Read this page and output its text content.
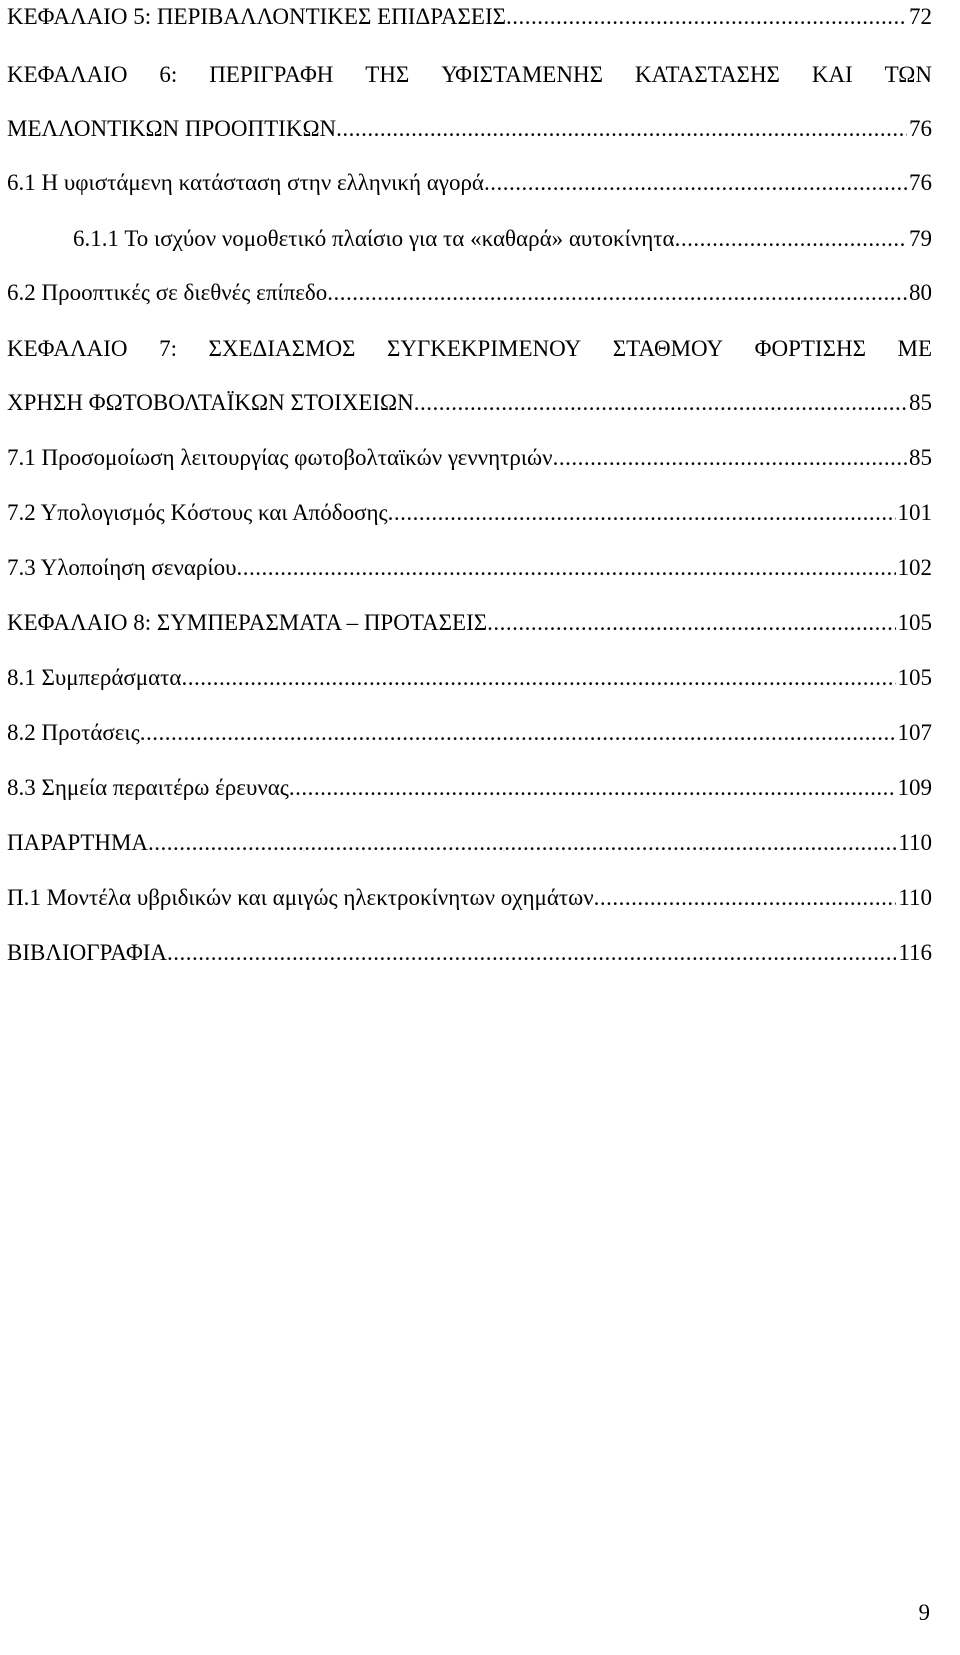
ΚΕΦΑΛΑΙΟ 5: ΠΕΡΙΒΑΛΛΟΝΤΙΚΕΣ ΕΠΙΔΡΑΣΕΙΣ .....	72
ΚΕΦΑΛΑΙΟ 6: ΠΕΡΙΓΡΑΦΗ ΤΗΣ ΥΦΙΣΤΑΜΕΝΗΣ ΚΑΤΑΣΤΑΣΗΣ ΚΑΙ ΤΩΝ
ΜΕΛΛΟΝΤΙΚΩΝ ΠΡΟΟΠΤΙΚΩΝ .....	76
6.1 Η υφιστάμενη κατάσταση στην ελληνική αγορά .....	76
6.1.1 Το ισχύον νομοθετικό πλαίσιο για τα «καθαρά» αυτοκίνητα .....	79
6.2 Προοπτικές σε διεθνές επίπεδο .....	80
ΚΕΦΑΛΑΙΟ 7: ΣΧΕΔΙΑΣΜΟΣ ΣΥΓΚΕΚΡΙΜΕΝΟΥ ΣΤΑΘΜΟΥ ΦΟΡΤΙΣΗΣ ΜΕ
ΧΡΗΣΗ ΦΩΤΟΒΟΛΤΑΪΚΩΝ ΣΤΟΙΧΕΙΩΝ .....	85
7.1 Προσομοίωση λειτουργίας φωτοβολταϊκών γεννητριών .....	85
7.2 Υπολογισμός Κόστους και Απόδοσης .....	101
7.3 Υλοποίηση σεναρίου .....	102
ΚΕΦΑΛΑΙΟ 8: ΣΥΜΠΕΡΑΣΜΑΤΑ – ΠΡΟΤΑΣΕΙΣ .....	105
8.1 Συμπεράσματα .....	105
8.2 Προτάσεις .....	107
8.3 Σημεία περαιτέρω έρευνας .....	109
ΠΑΡΑΡΤΗΜΑ .....	110
Π.1 Μοντέλα υβριδικών και αμιγώς ηλεκτροκίνητων οχημάτων .....	110
ΒΙΒΛΙΟΓΡΑΦΙΑ .....	116
9
